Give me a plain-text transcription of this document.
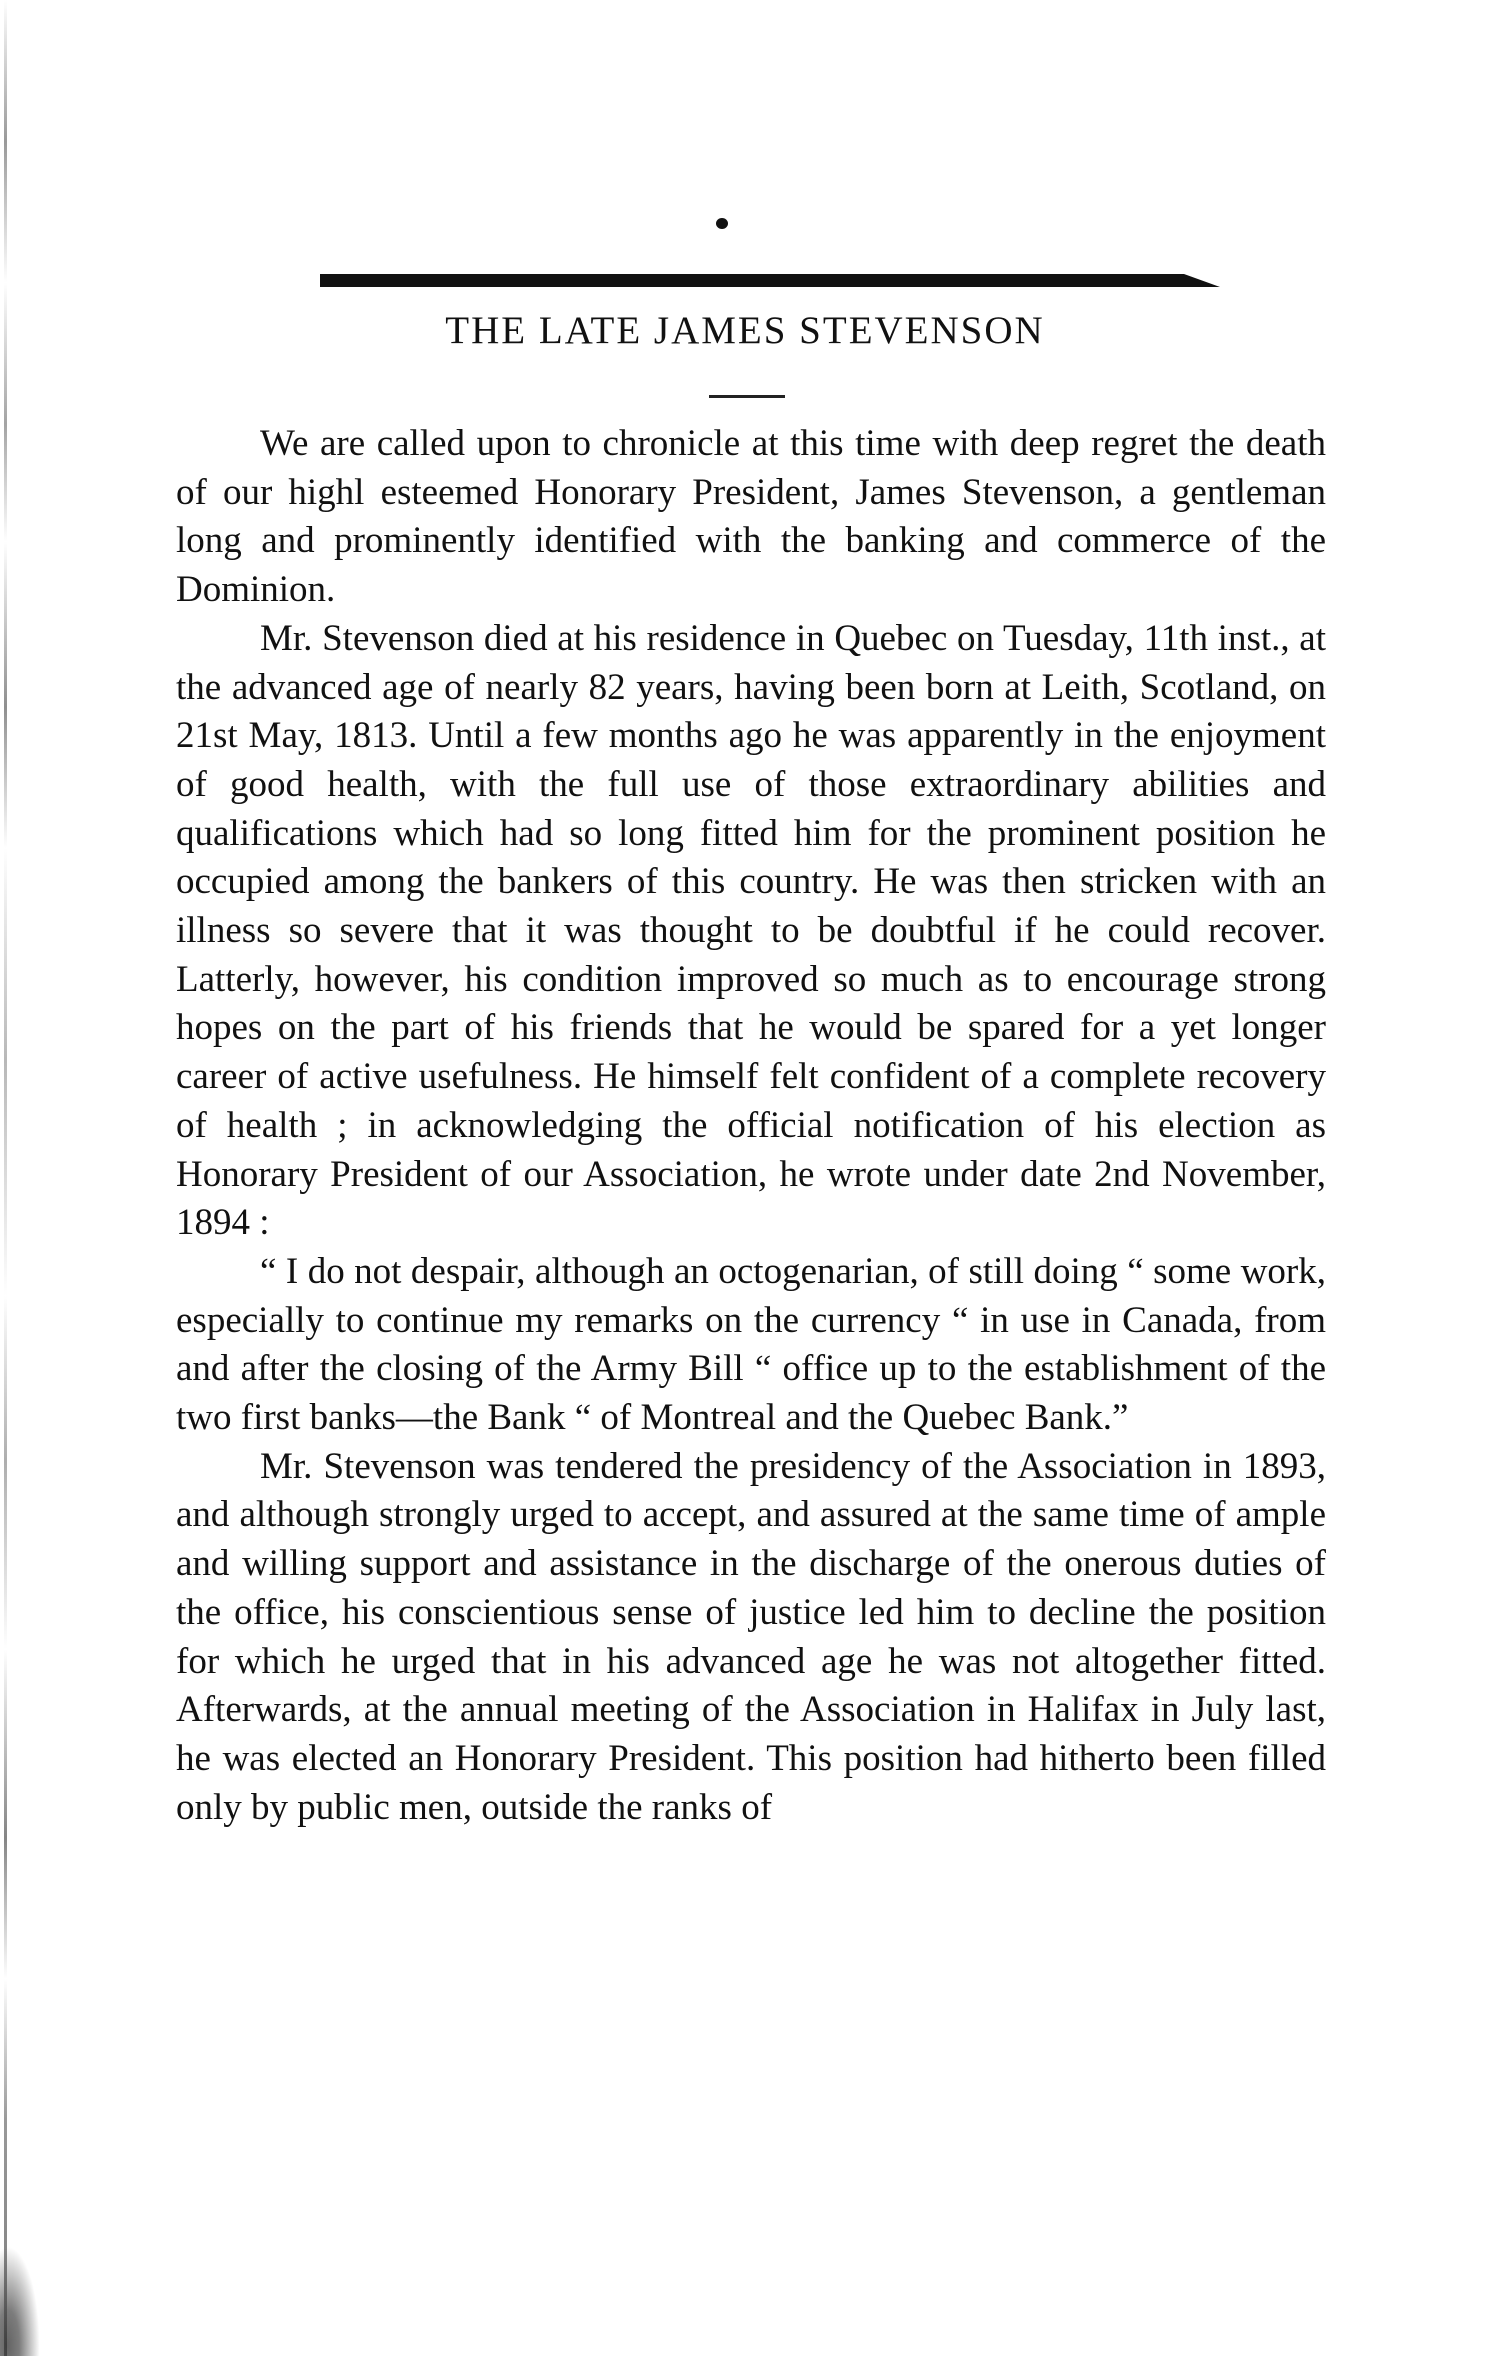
THE LATE JAMES STEVENSON

We are called upon to chronicle at this time with deep regret the death of our highl esteemed Honorary President, James Stevenson, a gentleman long and prominently identified with the banking and commerce of the Dominion.

Mr. Stevenson died at his residence in Quebec on Tuesday, 11th inst., at the advanced age of nearly 82 years, having been born at Leith, Scotland, on 21st May, 1813. Until a few months ago he was apparently in the enjoyment of good health, with the full use of those extraordinary abilities and qualifications which had so long fitted him for the prominent position he occupied among the bankers of this country. He was then stricken with an illness so severe that it was thought to be doubtful if he could recover. Latterly, however, his condition improved so much as to encourage strong hopes on the part of his friends that he would be spared for a yet longer career of active usefulness. He himself felt confident of a complete recovery of health ; in acknowledging the official notification of his election as Honorary President of our Association, he wrote under date 2nd November, 1894 :

“ I do not despair, although an octogenarian, of still doing “ some work, especially to continue my remarks on the currency “ in use in Canada, from and after the closing of the Army Bill “ office up to the establishment of the two first banks—the Bank “ of Montreal and the Quebec Bank.”

Mr. Stevenson was tendered the presidency of the Association in 1893, and although strongly urged to accept, and assured at the same time of ample and willing support and assistance in the discharge of the onerous duties of the office, his conscientious sense of justice led him to decline the position for which he urged that in his advanced age he was not altogether fitted. Afterwards, at the annual meeting of the Association in Halifax in July last, he was elected an Honorary President. This position had hitherto been filled only by public men, outside the ranks of
